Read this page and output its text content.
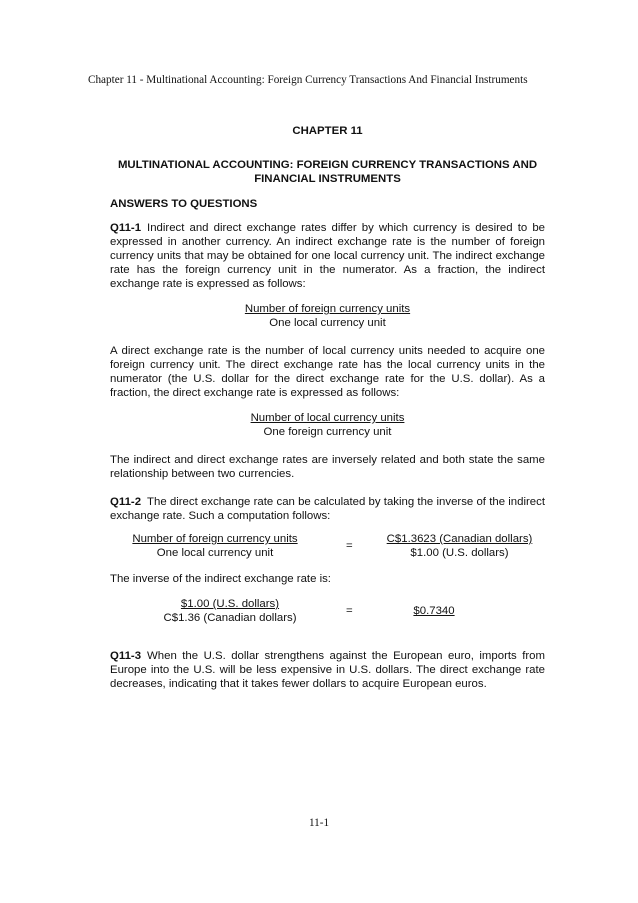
Chapter 11 - Multinational Accounting: Foreign Currency Transactions And Financial Instruments
CHAPTER 11
MULTINATIONAL ACCOUNTING: FOREIGN CURRENCY TRANSACTIONS AND
FINANCIAL INSTRUMENTS
ANSWERS TO QUESTIONS

Q11-1 Indirect and direct exchange rates differ by which currency is desired to be expressed in another currency. An indirect exchange rate is the number of foreign currency units that may be obtained for one local currency unit. The indirect exchange rate has the foreign currency unit in the numerator. As a fraction, the indirect exchange rate is expressed as follows:

Number of foreign currency units
One local currency unit

A direct exchange rate is the number of local currency units needed to acquire one foreign currency unit. The direct exchange rate has the local currency units in the numerator (the U.S. dollar for the direct exchange rate for the U.S. dollar). As a fraction, the direct exchange rate is expressed as follows:

Number of local currency units
One foreign currency unit

The indirect and direct exchange rates are inversely related and both state the same relationship between two currencies.

Q11-2 The direct exchange rate can be calculated by taking the inverse of the indirect exchange rate. Such a computation follows:

Number of foreign currency units
One local currency unit
=
C$1.3623 (Canadian dollars)
$1.00 (U.S. dollars)

The inverse of the indirect exchange rate is:

$1.00 (U.S. dollars)
C$1.36 (Canadian dollars)
=	$0.7340

Q11-3 When the U.S. dollar strengthens against the European euro, imports from Europe into the U.S. will be less expensive in U.S. dollars. The direct exchange rate decreases, indicating that it takes fewer dollars to acquire European euros.

11-1
